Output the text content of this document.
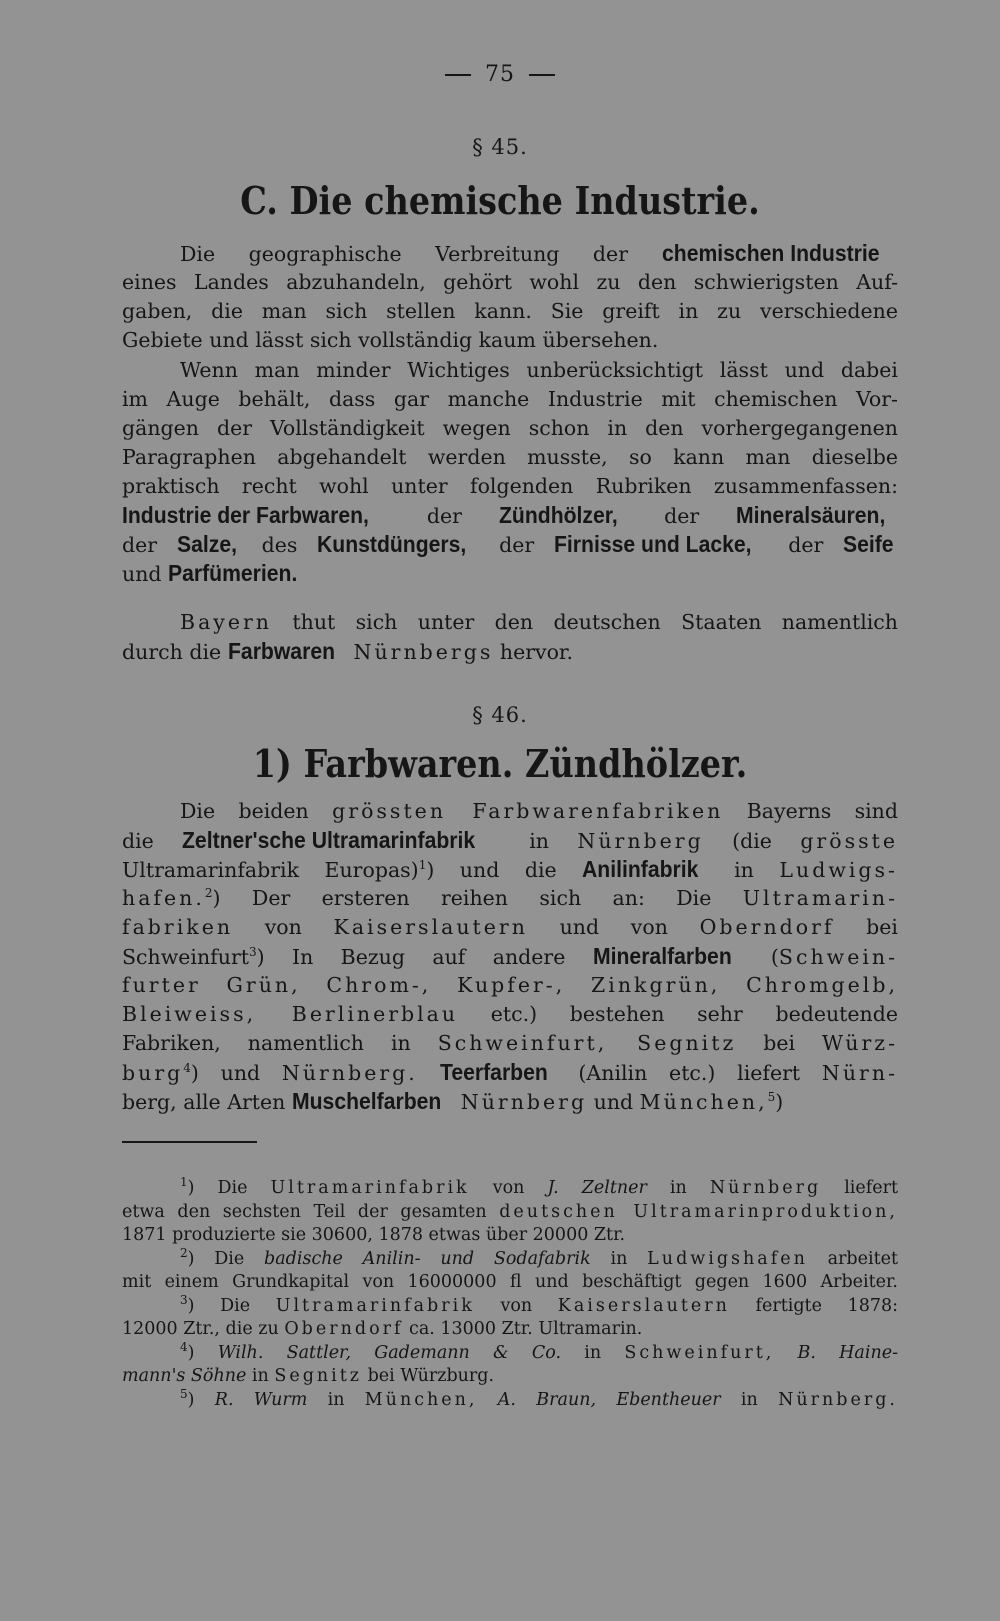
75
§ 45.
C. Die chemische Industrie.
Die geographische Verbreitung der chemischen Industrie
eines Landes abzuhandeln, gehört wohl zu den schwierigsten Auf-
gaben, die man sich stellen kann. Sie greift in zu verschiedene
Gebiete und lässt sich vollständig kaum übersehen.
Wenn man minder Wichtiges unberücksichtigt lässt und dabei
im Auge behält, dass gar manche Industrie mit chemischen Vor-
gängen der Vollständigkeit wegen schon in den vorhergegangenen
Paragraphen abgehandelt werden musste, so kann man dieselbe
praktisch recht wohl unter folgenden Rubriken zusammenfassen:
Industrie der Farbwaren, der Zündhölzer, der Mineralsäuren,
der Salze, des Kunstdüngers, der Firnisse und Lacke, der Seife
und Parfümerien.
Bayern thut sich unter den deutschen Staaten namentlich
durch die Farbwaren Nürnbergs hervor.
§ 46.
1) Farbwaren. Zündhölzer.
Die beiden grössten Farbwarenfabriken Bayerns sind
die Zeltner'sche Ultramarinfabrik in Nürnberg (die grösste
Ultramarinfabrik Europas)$^1$) und die Anilinfabrik in Ludwigs-
hafen.$^2$) Der ersteren reihen sich an: Die Ultramarin-
fabriken von Kaiserslautern und von Oberndorf bei
Schweinfurt$^3$) In Bezug auf andere Mineralfarben (Schwein-
furter Grün, Chrom-, Kupfer-, Zinkgrün, Chromgelb,
Bleiweiss, Berlinerblau etc.) bestehen sehr bedeutende
Fabriken, namentlich in Schweinfurt, Segnitz bei Würz-
burg$^4$) und Nürnberg. Teerfarben (Anilin etc.) liefert Nürn-
berg, alle Arten Muschelfarben Nürnberg und München,$^5$)
$^1$) Die Ultramarinfabrik von J. Zeltner in Nürnberg liefert
etwa den sechsten Teil der gesamten deutschen Ultramarinproduktion,
1871 produzierte sie 30600, 1878 etwas über 20000 Ztr.
$^2$) Die badische Anilin- und Sodafabrik in Ludwigshafen arbeitet
mit einem Grundkapital von 16000000 fl und beschäftigt gegen 1600 Arbeiter.
$^3$) Die Ultramarinfabrik von Kaiserslautern fertigte 1878:
12000 Ztr., die zu Oberndorf ca. 13000 Ztr. Ultramarin.
$^4$) Wilh. Sattler, Gademann & Co. in Schweinfurt, B. Haine-
mann's Söhne in Segnitz bei Würzburg.
$^5$) R. Wurm in München, A. Braun, Ebentheuer in Nürnberg.
